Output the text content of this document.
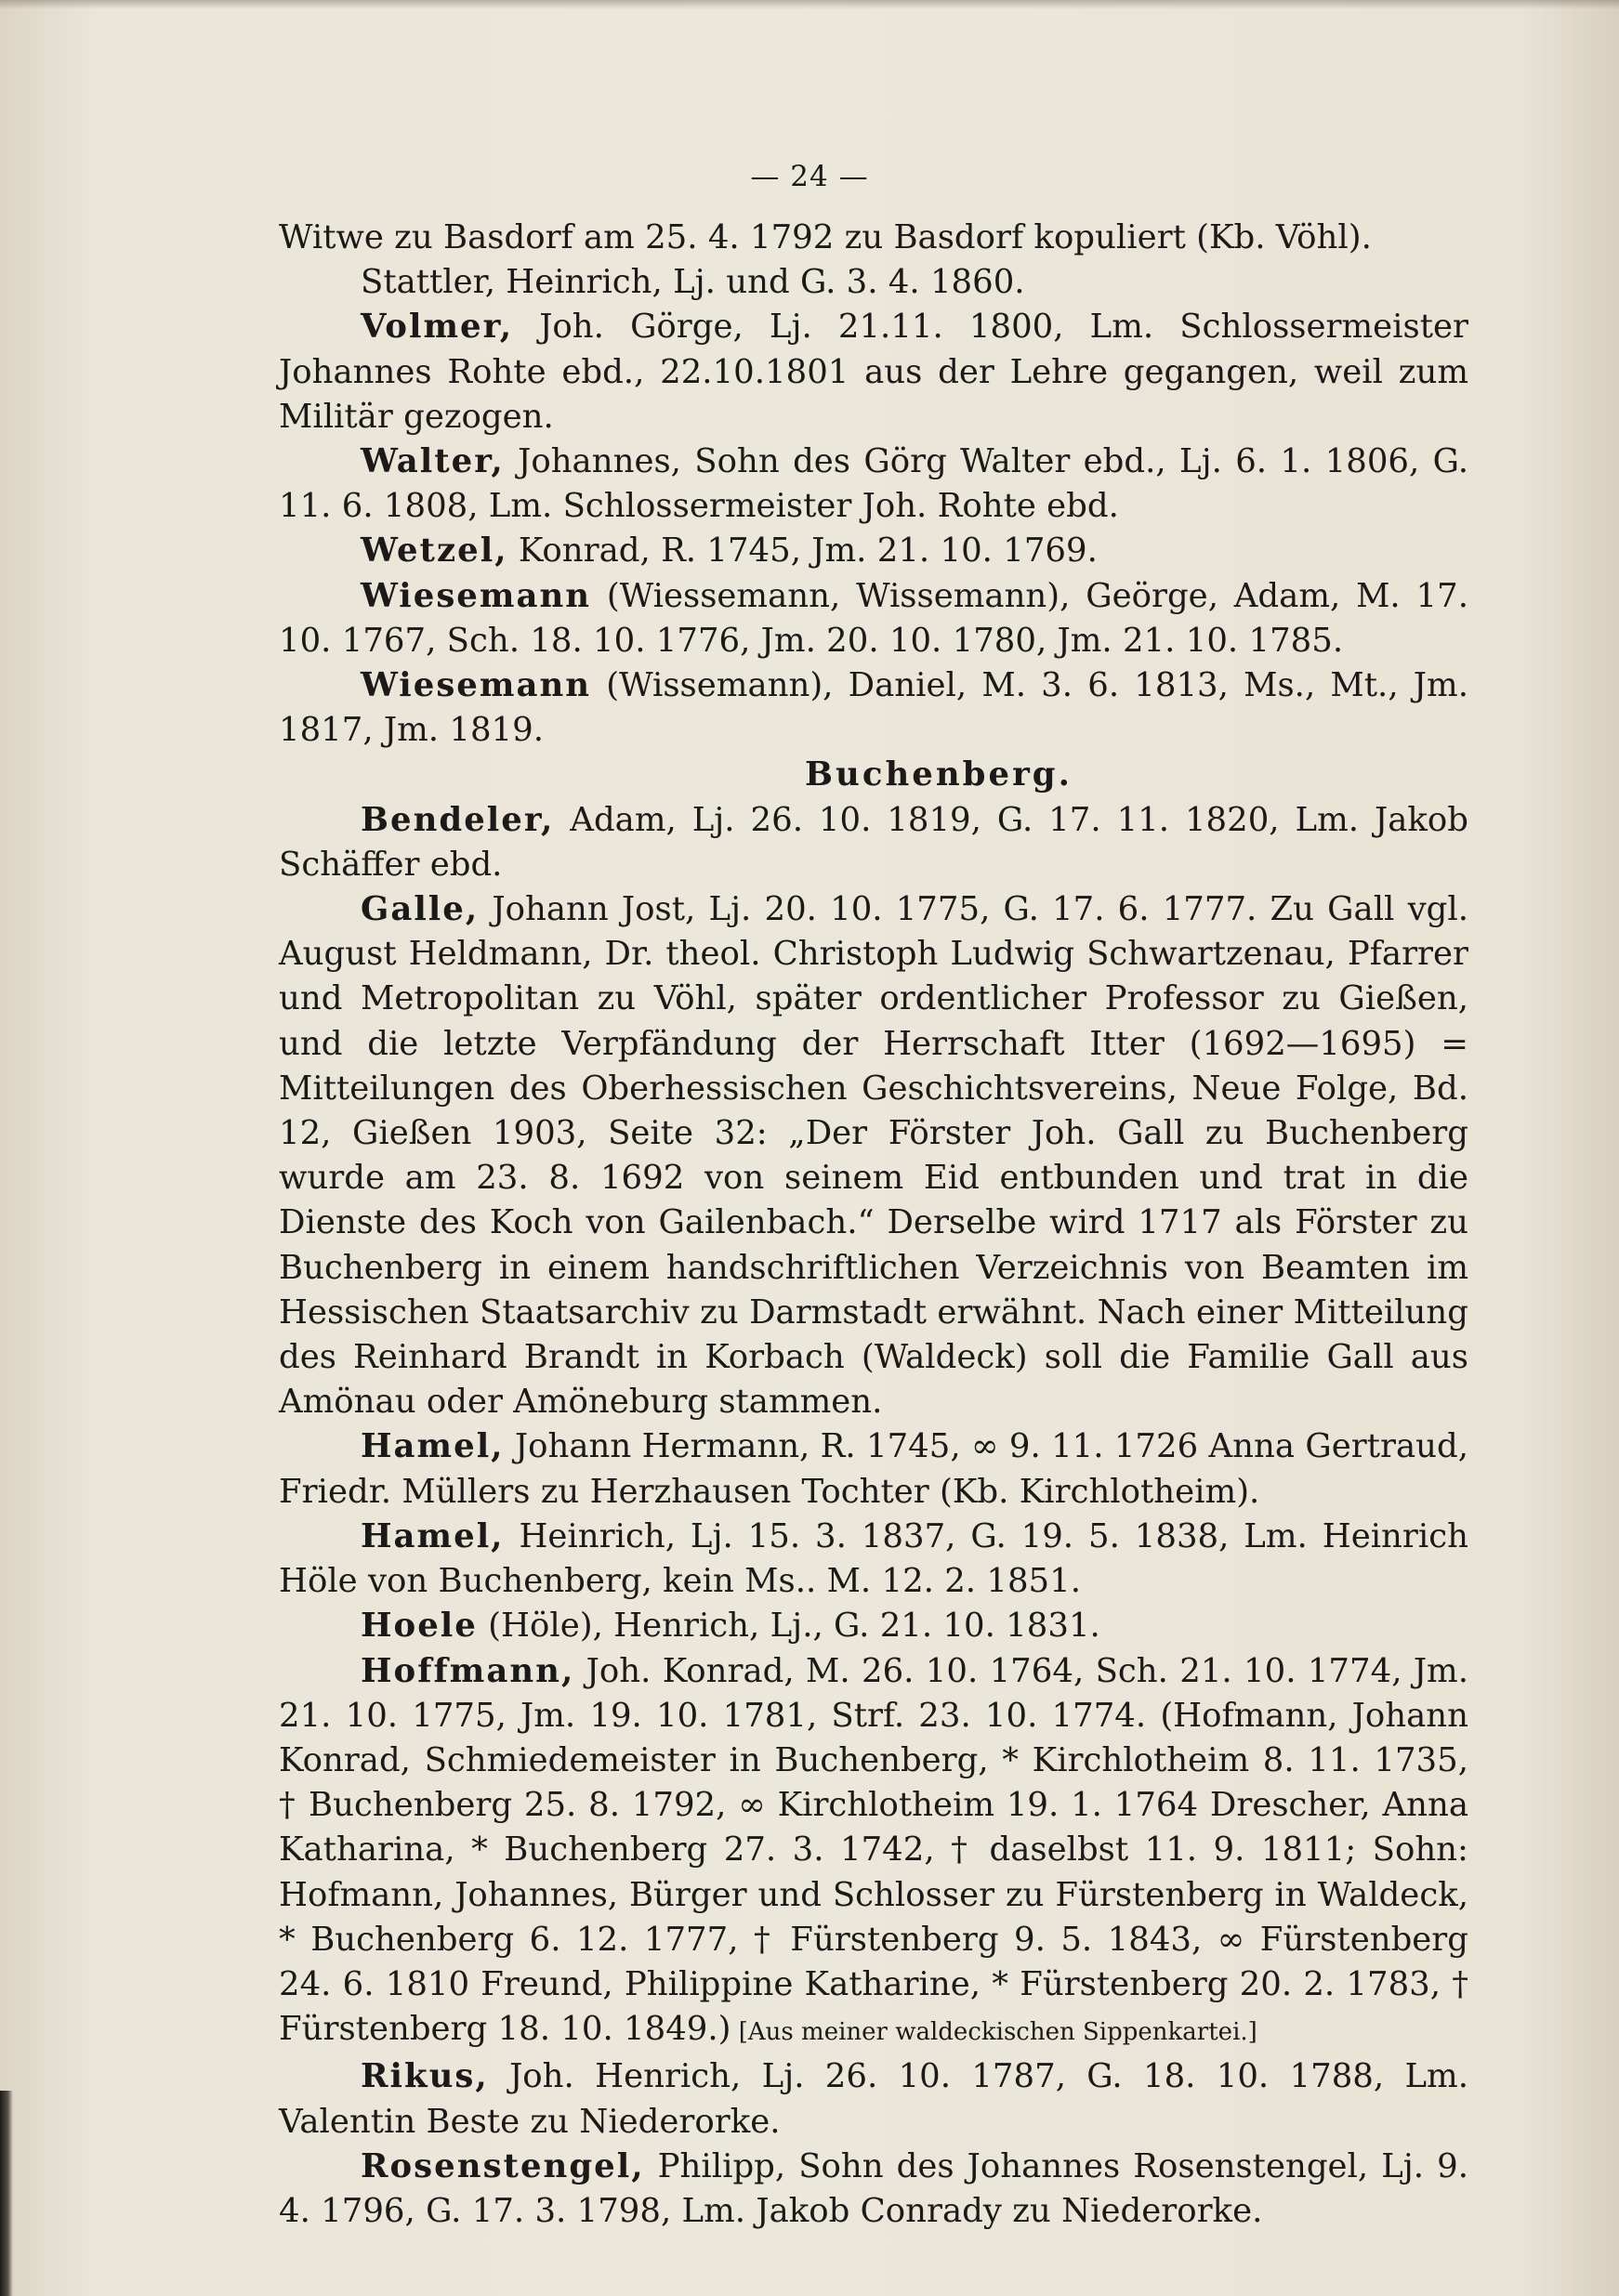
— 24 —

Witwe zu Basdorf am 25. 4. 1792 zu Basdorf kopuliert (Kb. Vöhl).

Stattler, Heinrich, Lj. und G. 3. 4. 1860.

Volmer, Joh. Görge, Lj. 21.11. 1800, Lm. Schlossermeister Johannes Rohte ebd., 22.10.1801 aus der Lehre gegangen, weil zum Militär gezogen.

Walter, Johannes, Sohn des Görg Walter ebd., Lj. 6. 1. 1806, G. 11. 6. 1808, Lm. Schlossermeister Joh. Rohte ebd.

Wetzel, Konrad, R. 1745, Jm. 21. 10. 1769.

Wiesemann (Wiessemann, Wissemann), Geörge, Adam, M. 17. 10. 1767, Sch. 18. 10. 1776, Jm. 20. 10. 1780, Jm. 21. 10. 1785.

Wiesemann (Wissemann), Daniel, M. 3. 6. 1813, Ms., Mt., Jm. 1817, Jm. 1819.

Buchenberg.

Bendeler, Adam, Lj. 26. 10. 1819, G. 17. 11. 1820, Lm. Jakob Schäffer ebd.

Galle, Johann Jost, Lj. 20. 10. 1775, G. 17. 6. 1777. Zu Gall vgl. August Heldmann, Dr. theol. Christoph Ludwig Schwartzenau, Pfarrer und Metropolitan zu Vöhl, später ordentlicher Professor zu Gießen, und die letzte Verpfändung der Herrschaft Itter (1692—1695) = Mitteilungen des Oberhessischen Geschichtsvereins, Neue Folge, Bd. 12, Gießen 1903, Seite 32: „Der Förster Joh. Gall zu Buchenberg wurde am 23. 8. 1692 von seinem Eid entbunden und trat in die Dienste des Koch von Gailenbach.“ Derselbe wird 1717 als Förster zu Buchenberg in einem handschriftlichen Verzeichnis von Beamten im Hessischen Staatsarchiv zu Darmstadt erwähnt. Nach einer Mitteilung des Reinhard Brandt in Korbach (Waldeck) soll die Familie Gall aus Amönau oder Amöneburg stammen.

Hamel, Johann Hermann, R. 1745, ∞ 9. 11. 1726 Anna Gertraud, Friedr. Müllers zu Herzhausen Tochter (Kb. Kirchlotheim).

Hamel, Heinrich, Lj. 15. 3. 1837, G. 19. 5. 1838, Lm. Heinrich Höle von Buchenberg, kein Ms.. M. 12. 2. 1851.

Hoele (Höle), Henrich, Lj., G. 21. 10. 1831.

Hoffmann, Joh. Konrad, M. 26. 10. 1764, Sch. 21. 10. 1774, Jm. 21. 10. 1775, Jm. 19. 10. 1781, Strf. 23. 10. 1774. (Hofmann, Johann Konrad, Schmiedemeister in Buchenberg, * Kirchlotheim 8. 11. 1735, † Buchenberg 25. 8. 1792, ∞ Kirchlotheim 19. 1. 1764 Drescher, Anna Katharina, * Buchenberg 27. 3. 1742, † daselbst 11. 9. 1811; Sohn: Hofmann, Johannes, Bürger und Schlosser zu Fürstenberg in Waldeck, * Buchenberg 6. 12. 1777, † Fürstenberg 9. 5. 1843, ∞ Fürstenberg 24. 6. 1810 Freund, Philippine Katharine, * Fürstenberg 20. 2. 1783, † Fürstenberg 18. 10. 1849.) [Aus meiner waldeckischen Sippenkartei.]

Rikus, Joh. Henrich, Lj. 26. 10. 1787, G. 18. 10. 1788, Lm. Valentin Beste zu Niederorke.

Rosenstengel, Philipp, Sohn des Johannes Rosenstengel, Lj. 9. 4. 1796, G. 17. 3. 1798, Lm. Jakob Conrady zu Niederorke.
